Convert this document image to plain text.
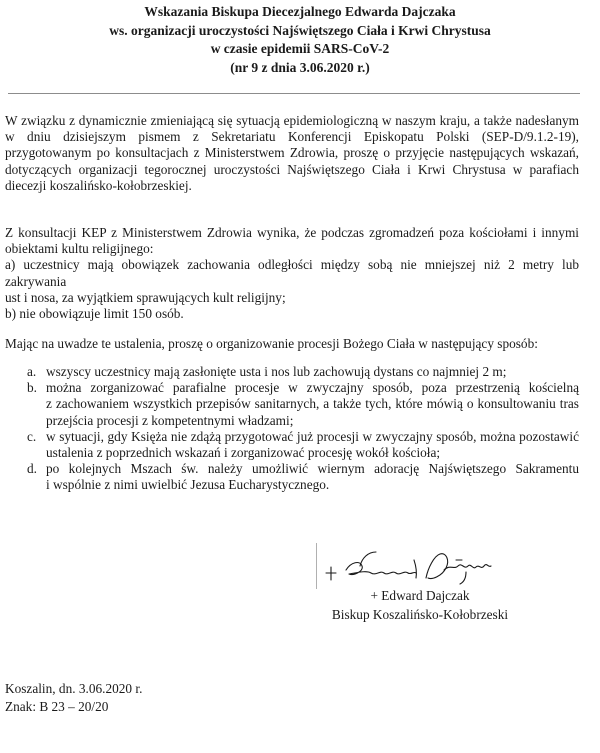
Wskazania Biskupa Diecezjalnego Edwarda Dajczaka
ws. organizacji uroczystości Najświętszego Ciała i Krwi Chrystusa
w czasie epidemii SARS-CoV-2
(nr 9 z dnia 3.06.2020 r.)
W związku z dynamicznie zmieniającą się sytuacją epidemiologiczną w naszym kraju, a także nadesłanym
w dniu dzisiejszym pismem z Sekretariatu Konferencji Episkopatu Polski (SEP-D/9.1.2-19),
przygotowanym po konsultacjach z Ministerstwem Zdrowia, proszę o przyjęcie następujących wskazań,
dotyczących organizacji tegorocznej uroczystości Najświętszego Ciała i Krwi Chrystusa w parafiach
diecezji koszalińsko-kołobrzeskiej.
Z konsultacji KEP z Ministerstwem Zdrowia wynika, że podczas zgromadzeń poza kościołami i innymi
obiektami kultu religijnego:
a) uczestnicy mają obowiązek zachowania odległości między sobą nie mniejszej niż 2 metry lub zakrywania
ust i nosa, za wyjątkiem sprawujących kult religijny;
b) nie obowiązuje limit 150 osób.
Mając na uwadze te ustalenia, proszę o organizowanie procesji Bożego Ciała w następujący sposób:
a. wszyscy uczestnicy mają zasłonięte usta i nos lub zachowują dystans co najmniej 2 m;
b. można zorganizować parafialne procesje w zwyczajny sposób, poza przestrzenią kościelną
z zachowaniem wszystkich przepisów sanitarnych, a także tych, które mówią o konsultowaniu tras
przejścia procesji z kompetentnymi władzami;
c. w sytuacji, gdy Księża nie zdążą przygotować już procesji w zwyczajny sposób, można pozostawić
ustalenia z poprzednich wskazań i zorganizować procesję wokół kościoła;
d. po kolejnych Mszach św. należy umożliwić wiernym adorację Najświętszego Sakramentu
i wspólnie z nimi uwielbić Jezusa Eucharystycznego.
+ Edward Dajczak
Biskup Koszalińsko-Kołobrzeski
Koszalin, dn. 3.06.2020 r.
Znak: B 23 – 20/20
